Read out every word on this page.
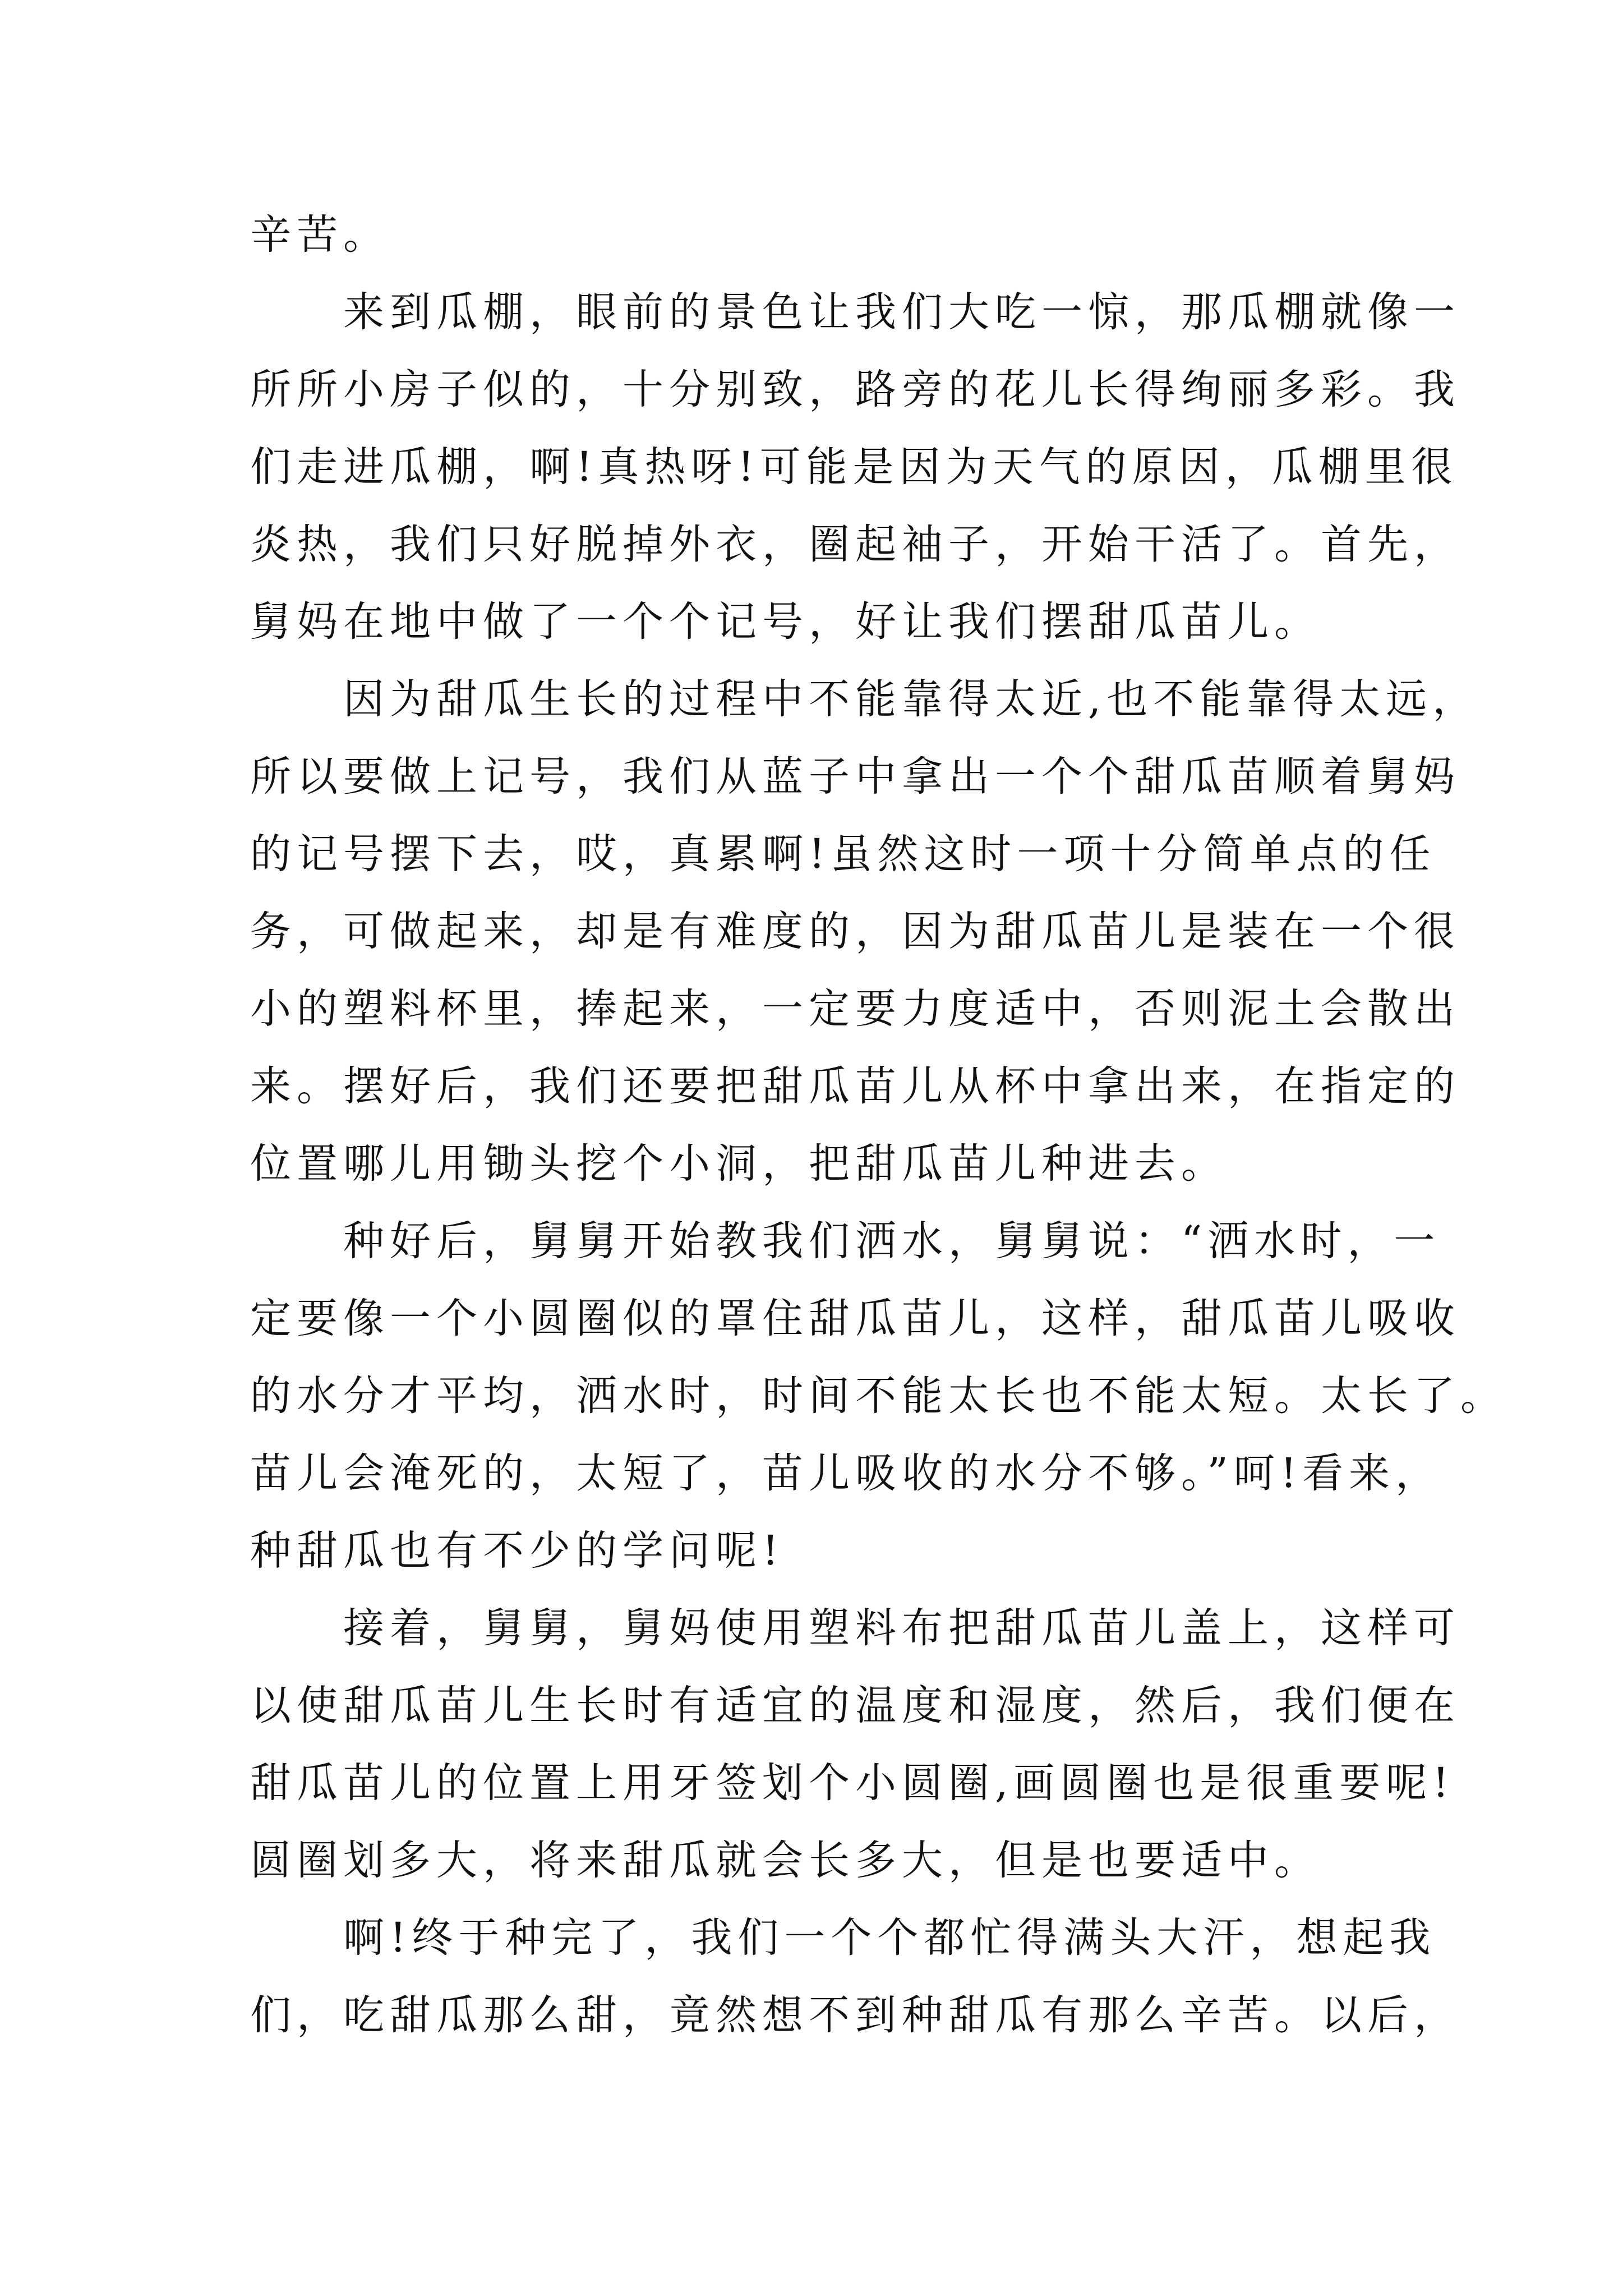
辛苦。
　　来到瓜棚，眼前的景色让我们大吃一惊，那瓜棚就像一
所所小房子似的，十分别致，路旁的花儿长得绚丽多彩。我
们走进瓜棚，啊!真热呀!可能是因为天气的原因，瓜棚里很
炎热，我们只好脱掉外衣，圈起袖子，开始干活了。首先，
舅妈在地中做了一个个记号，好让我们摆甜瓜苗儿。
　　因为甜瓜生长的过程中不能靠得太近,也不能靠得太远，
所以要做上记号，我们从蓝子中拿出一个个甜瓜苗顺着舅妈
的记号摆下去，哎，真累啊!虽然这时一项十分简单点的任
务，可做起来，却是有难度的，因为甜瓜苗儿是装在一个很
小的塑料杯里，捧起来，一定要力度适中，否则泥土会散出
来。摆好后，我们还要把甜瓜苗儿从杯中拿出来，在指定的
位置哪儿用锄头挖个小洞，把甜瓜苗儿种进去。
　　种好后，舅舅开始教我们洒水，舅舅说：“洒水时，一
定要像一个小圆圈似的罩住甜瓜苗儿，这样，甜瓜苗儿吸收
的水分才平均，洒水时，时间不能太长也不能太短。太长了。
苗儿会淹死的，太短了，苗儿吸收的水分不够。”呵!看来，
种甜瓜也有不少的学问呢!
　　接着，舅舅，舅妈使用塑料布把甜瓜苗儿盖上，这样可
以使甜瓜苗儿生长时有适宜的温度和湿度，然后，我们便在
甜瓜苗儿的位置上用牙签划个小圆圈,画圆圈也是很重要呢!
圆圈划多大，将来甜瓜就会长多大，但是也要适中。
　　啊!终于种完了，我们一个个都忙得满头大汗，想起我
们，吃甜瓜那么甜，竟然想不到种甜瓜有那么辛苦。以后，
